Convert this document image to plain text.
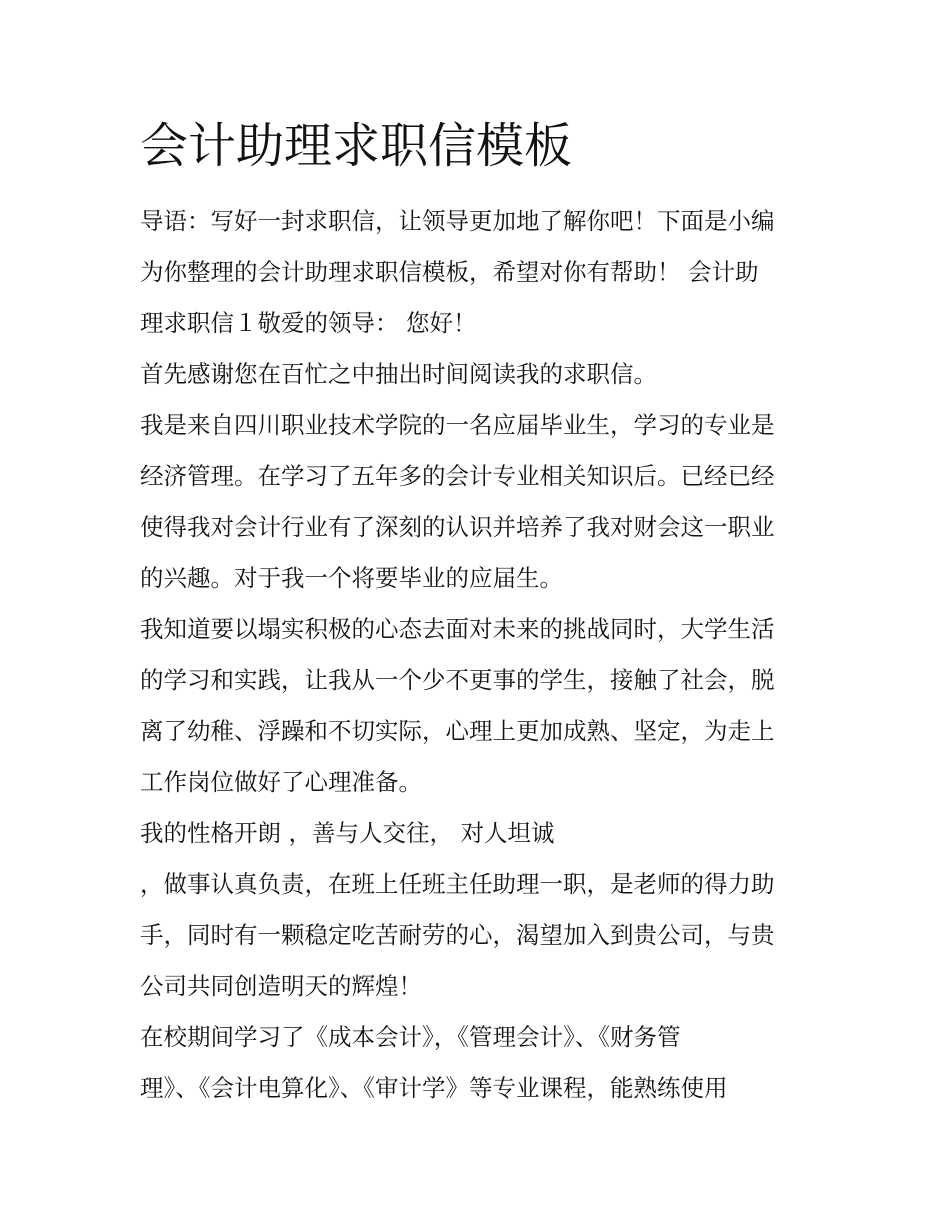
会计助理求职信模板
导语：写好一封求职信，让领导更加地了解你吧！下面是小编
为你整理的会计助理求职信模板，希望对你有帮助！ 会计助
理求职信１敬爱的领导： 您好！
首先感谢您在百忙之中抽出时间阅读我的求职信。
我是来自四川职业技术学院的一名应届毕业生，学习的专业是
经济管理。在学习了五年多的会计专业相关知识后。已经已经
使得我对会计行业有了深刻的认识并培养了我对财会这一职业
的兴趣。对于我一个将要毕业的应届生。
我知道要以塌实积极的心态去面对未来的挑战同时，大学生活
的学习和实践，让我从一个少不更事的学生，接触了社会，脱
离了幼稚、浮躁和不切实际，心理上更加成熟、坚定，为走上
工作岗位做好了心理准备。
我的性格开朗 ，善与人交往， 对人坦诚
，做事认真负责，在班上任班主任助理一职，是老师的得力助
手，同时有一颗稳定吃苦耐劳的心，渴望加入到贵公司，与贵
公司共同创造明天的辉煌！
在校期间学习了《成本会计》，《管理会计》、《财务管
理》、《会计电算化》、《审计学》等专业课程，能熟练使用
